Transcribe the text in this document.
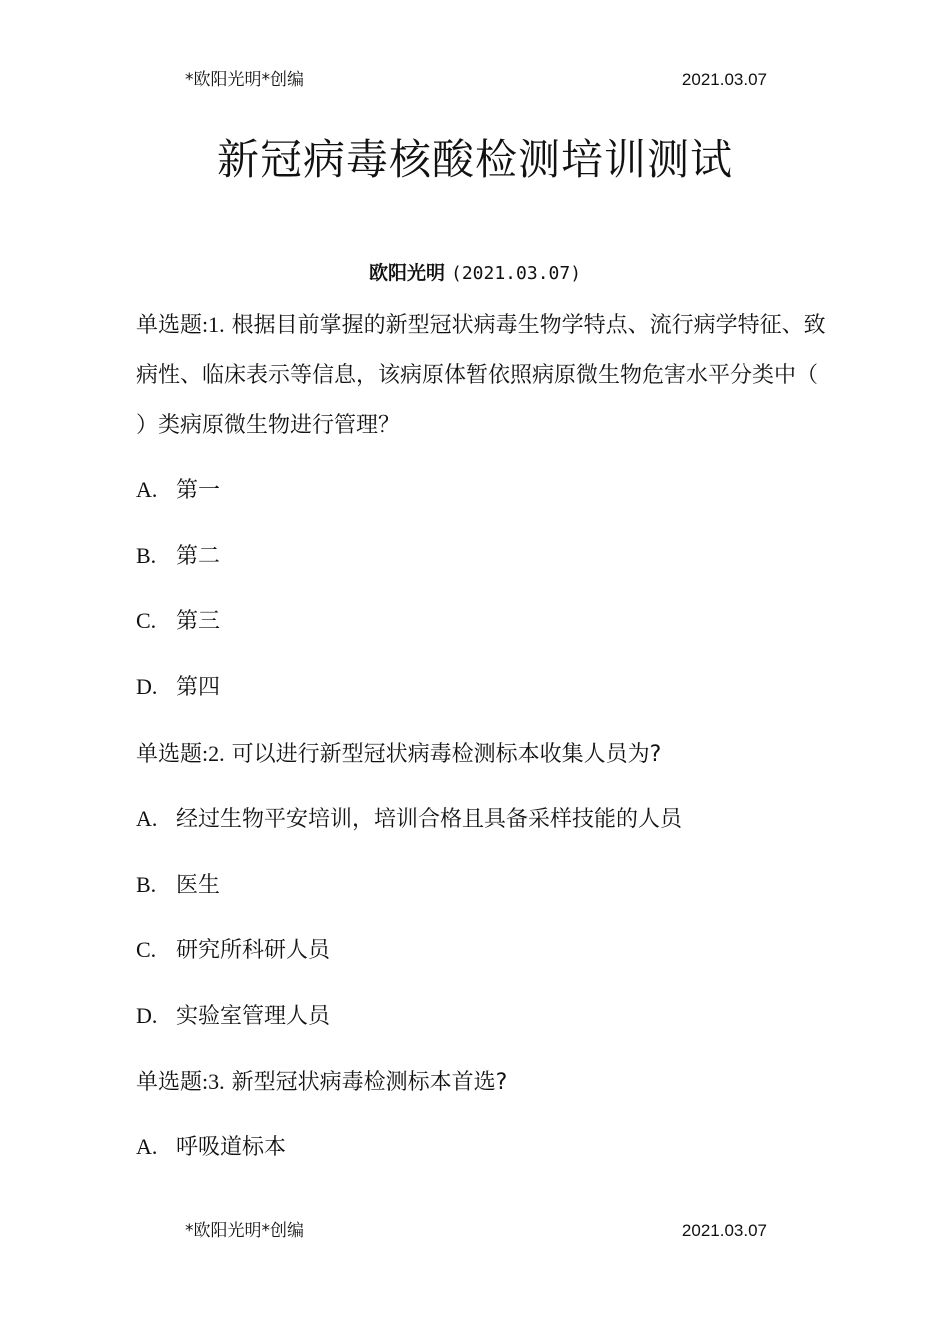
*欧阳光明*创编	2021.03.07
新冠病毒核酸检测培训测试
欧阳光明 (2021.03.07)
单选题:1. 根据目前掌握的新型冠状病毒生物学特点、流行病学特征、致病性、临床表示等信息，该病原体暂依照病原微生物危害水平分类中（ ）类病原微生物进行管理？
A. 第一
B. 第二
C. 第三
D. 第四
单选题:2. 可以进行新型冠状病毒检测标本收集人员为?
A. 经过生物平安培训，培训合格且具备采样技能的人员
B. 医生
C. 研究所科研人员
D. 实验室管理人员
单选题:3. 新型冠状病毒检测标本首选?
A. 呼吸道标本
*欧阳光明*创编	2021.03.07
